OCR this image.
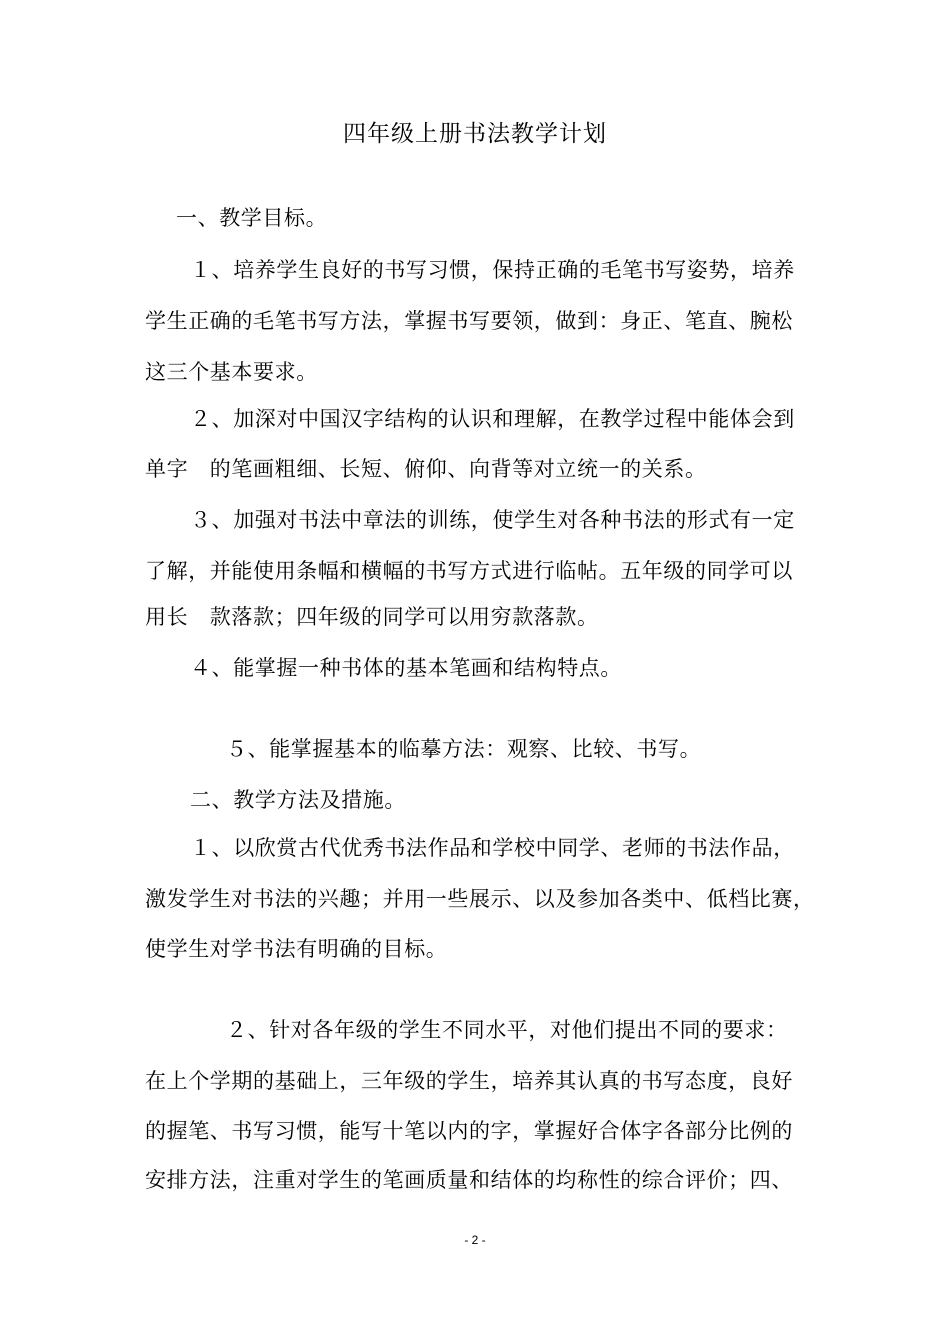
四年级上册书法教学计划
一、教学目标。
１、培养学生良好的书写习惯，保持正确的毛笔书写姿势，培养
学生正确的毛笔书写方法，掌握书写要领，做到：身正、笔直、腕松
这三个基本要求。
２、加深对中国汉字结构的认识和理解，在教学过程中能体会到
单字　的笔画粗细、长短、俯仰、向背等对立统一的关系。
３、加强对书法中章法的训练，使学生对各种书法的形式有一定
了解，并能使用条幅和横幅的书写方式进行临帖。五年级的同学可以
用长　款落款；四年级的同学可以用穷款落款。
４、能掌握一种书体的基本笔画和结构特点。
５、能掌握基本的临摹方法：观察、比较、书写。
二、教学方法及措施。
１、以欣赏古代优秀书法作品和学校中同学、老师的书法作品，
激发学生对书法的兴趣；并用一些展示、以及参加各类中、低档比赛，
使学生对学书法有明确的目标。
２、针对各年级的学生不同水平，对他们提出不同的要求：
在上个学期的基础上，三年级的学生，培养其认真的书写态度，良好
的握笔、书写习惯，能写十笔以内的字，掌握好合体字各部分比例的
安排方法，注重对学生的笔画质量和结体的均称性的综合评价；四、
- 2 -
